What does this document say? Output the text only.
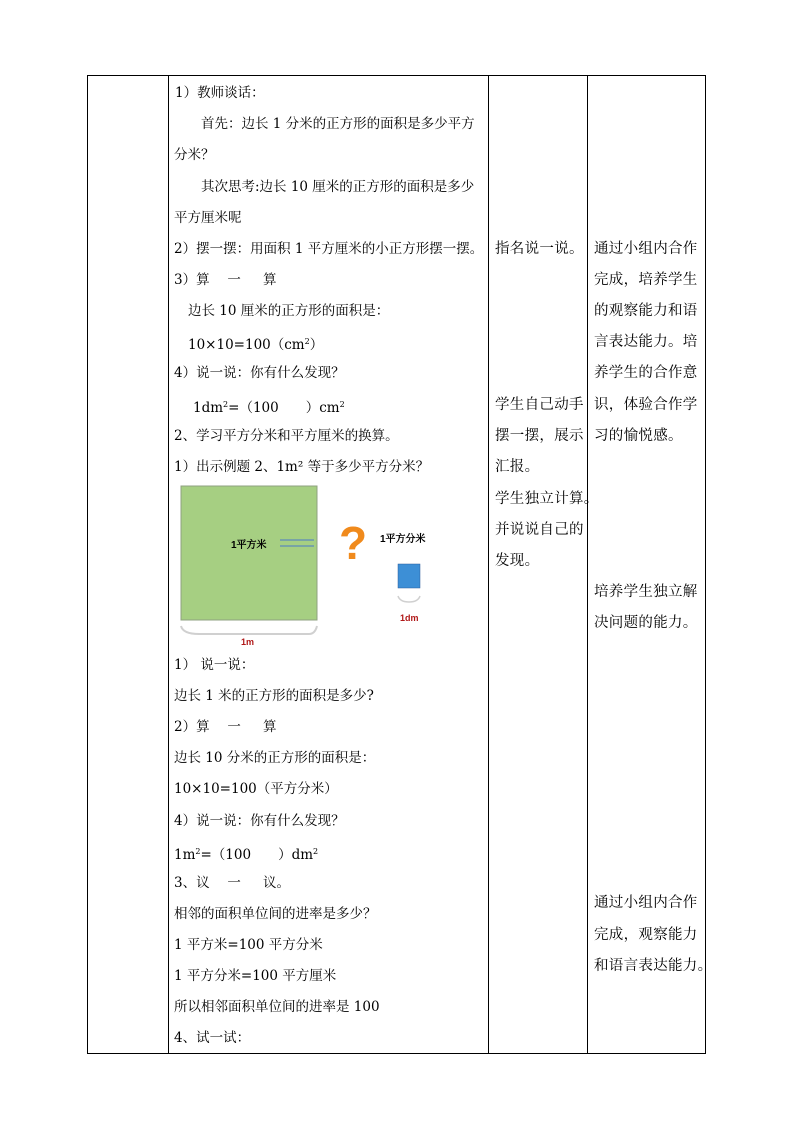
1）教师谈话：
首先：边长 1 分米的正方形的面积是多少平方
分米？
其次思考:边长 10 厘米的正方形的面积是多少
平方厘米呢
2）摆一摆：用面积 1 平方厘米的小正方形摆一摆。
3）算　 一 　 算
边长 10 厘米的正方形的面积是：
$10\times 10=100(cm^2)$
4）说一说：你有什么发现？
$1dm^2=(100$　　）$cm^2$
2、学习平方分米和平方厘米的换算。
1）出示例题 2、1m² 等于多少平方分米？
1平方米
1m
? 1平方分米
1dm
1） 说一说：
边长 1 米的正方形的面积是多少?
2）算　 一 　 算
边长 10 分米的正方形的面积是：
10×10=100（平方分米）
4）说一说：你有什么发现？
$1m^2=(100$　　）$dm^2$
3、议　 一 　 议。
相邻的面积单位间的进率是多少？
1 平方米=100 平方分米
1 平方分米=100 平方厘米
所以相邻面积单位间的进率是 100
4、试一试：
指名说一说。
学生自己动手
摆一摆，展示
汇报。
学生独立计算。
并说说自己的
发现。
通过小组内合作
完成，培养学生
的观察能力和语
言表达能力。培
养学生的合作意
识，体验合作学
习的愉悦感。
培养学生独立解
决问题的能力。
通过小组内合作
完成，观察能力
和语言表达能力。
